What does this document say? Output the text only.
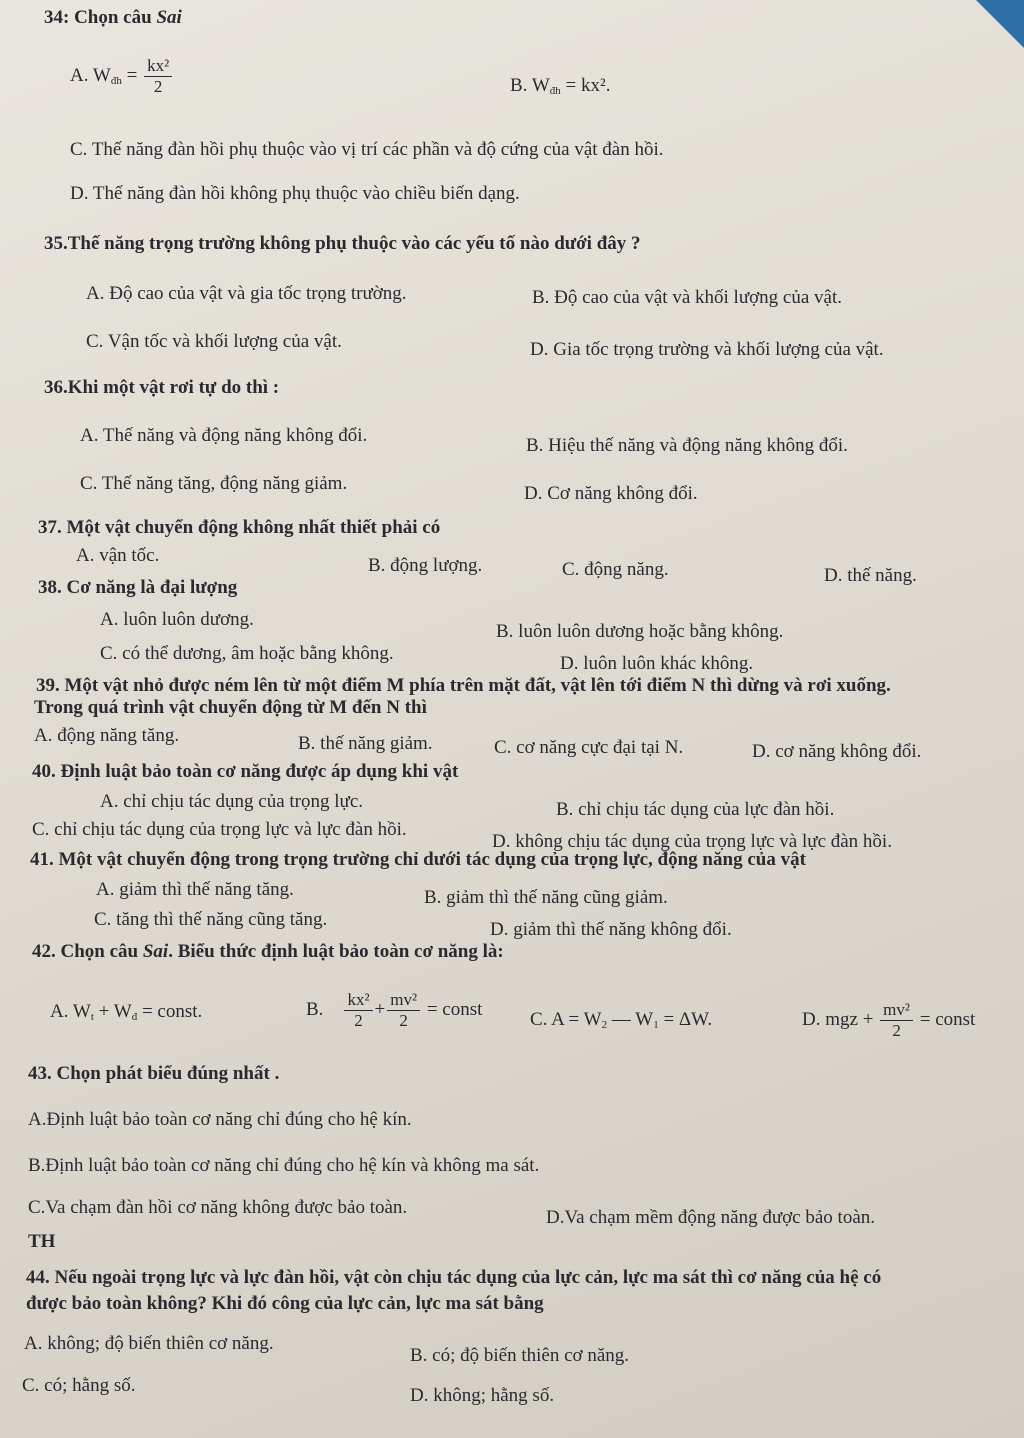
34: Chọn câu Sai
A. $W_{đh} = \frac{\text{kx²}}{2}$	B. $W_{đh} = kx^2$.
C. Thế năng đàn hồi phụ thuộc vào vị trí các phần và độ cứng của vật đàn hồi.
D. Thế năng đàn hồi không phụ thuộc vào chiều biến dạng.
35.Thế năng trọng trường không phụ thuộc vào các yếu tố nào dưới đây ?
A. Độ cao của vật và gia tốc trọng trường.	B. Độ cao của vật và khối lượng của vật.
C. Vận tốc và khối lượng của vật.	D. Gia tốc trọng trường và khối lượng của vật.
36.Khi một vật rơi tự do thì :
A. Thế năng và động năng không đổi.	B. Hiệu thế năng và động năng không đổi.
C. Thế năng tăng, động năng giảm.	D. Cơ năng không đổi.
37. Một vật chuyển động không nhất thiết phải có
A. vận tốc.	B. động lượng.	C. động năng.	D. thế năng.
38. Cơ năng là đại lượng
A. luôn luôn dương.
B. luôn luôn dương hoặc bằng không.
C. có thể dương, âm hoặc bằng không.	D. luôn luôn khác không.
39. Một vật nhỏ được ném lên từ một điểm M phía trên mặt đất, vật lên tới điểm N thì dừng và rơi xuống.
Trong quá trình vật chuyển động từ M đến N thì
A. động năng tăng.	B. thế năng giảm.	C. cơ năng cực đại tại N.	D. cơ năng không đổi.
40. Định luật bảo toàn cơ năng được áp dụng khi vật
A. chỉ chịu tác dụng của trọng lực.	B. chỉ chịu tác dụng của lực đàn hồi.
C. chỉ chịu tác dụng của trọng lực và lực đàn hồi.
D. không chịu tác dụng của trọng lực và lực đàn hồi.
41. Một vật chuyển động trong trọng trường chỉ dưới tác dụng của trọng lực, động năng của vật
A. giảm thì thế năng tăng.	B. giảm thì thế năng cũng giảm.
C. tăng thì thế năng cũng tăng.	D. giảm thì thế năng không đổi.
42. Chọn câu Sai. Biểu thức định luật bảo toàn cơ năng là:
A. $W_t + W_đ$ = const.	B. $\frac{\text{kx²}}{2} + \frac{\text{mv²}}{2}$ = const	C. $A = W_2$ — $W_1 = \Delta W$.	D. mgz + $\frac{\text{mv²}}{2}$ = const
43. Chọn phát biểu đúng nhất .
A.Định luật bảo toàn cơ năng chỉ đúng cho hệ kín.
B.Định luật bảo toàn cơ năng chỉ đúng cho hệ kín và không ma sát.
C.Va chạm đàn hồi cơ năng không được bảo toàn.	D.Va chạm mềm động năng được bảo toàn.
TH
44. Nếu ngoài trọng lực và lực đàn hồi, vật còn chịu tác dụng của lực cản, lực ma sát thì cơ năng của hệ có
được bảo toàn không? Khi đó công của lực cản, lực ma sát bằng
A. không; độ biến thiên cơ năng.
B. có; độ biến thiên cơ năng.
C. có; hằng số.	D. không; hằng số.
